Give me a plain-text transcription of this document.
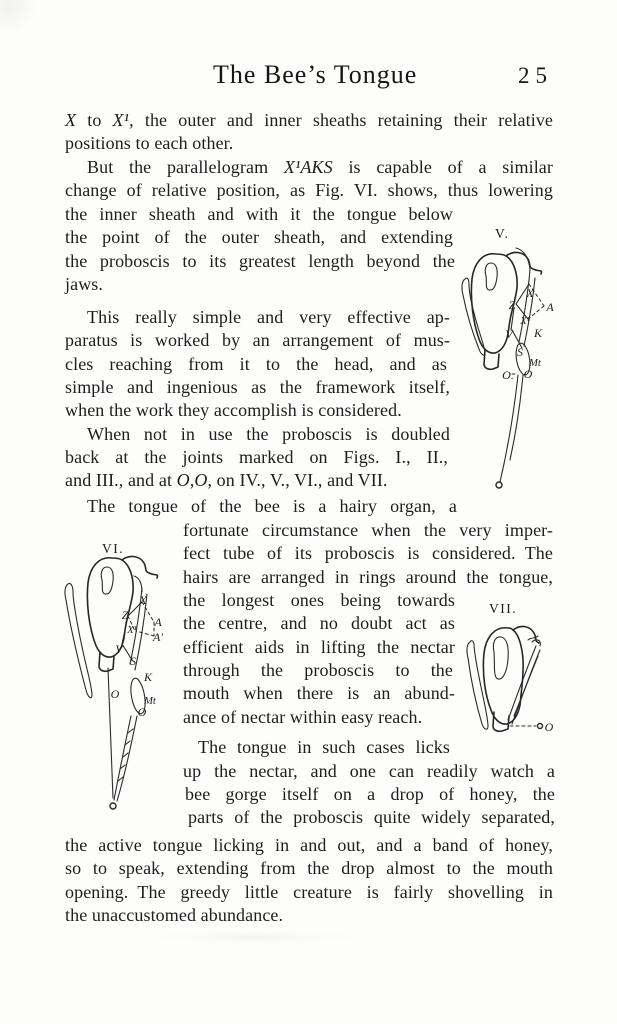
The Bee’s Tongue	25
X to X¹, the outer and inner sheaths retaining their relative
positions to each other.
But the parallelogram X¹AKS is capable of a similar
change of relative position, as Fig. VI. shows, thus lowering
the inner sheath and with it the tongue below
the point of the outer sheath, and extending
the proboscis to its greatest length beyond the
jaws.
This really simple and very effective ap-
paratus is worked by an arrangement of mus-
cles reaching from it to the head, and as
simple and ingenious as the framework itself,
when the work they accomplish is considered.
When not in use the proboscis is doubled
back at the joints marked on Figs. I., II.,
and III., and at O,O, on IV., V., VI., and VII.
The tongue of the bee is a hairy organ, a
fortunate circumstance when the very imper-
fect tube of its proboscis is considered. The
hairs are arranged in rings around the tongue,
the longest ones being towards
the centre, and no doubt act as
efficient aids in lifting the nectar
through the proboscis to the
mouth when there is an abund-
ance of nectar within easy reach.
The tongue in such cases licks
up the nectar, and one can readily watch a
bee gorge itself on a drop of honey, the
parts of the proboscis quite widely separated,
the active tongue licking in and out, and a band of honey,
so to speak, extending from the drop almost to the mouth
opening. The greedy little creature is fairly shovelling in
the unaccustomed abundance.
V.
X
Z	A
X¹
V K
S
Mt
O. O
VI.
X
Z A
X¹ A'
V
S
K
O
Mt
O
VII.
O
